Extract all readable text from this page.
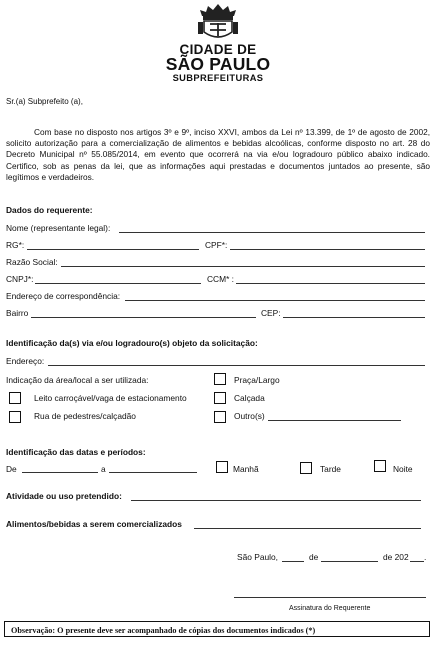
CIDADE DE
SÃO PAULO
SUBPREFEITURAS
Sr.(a) Subprefeito (a),
Com base no disposto nos artigos 3º e 9º, inciso XXVI, ambos da Lei nº 13.399, de 1º de agosto de 2002, solicito autorização para a comercialização de alimentos e bebidas alcoólicas, conforme disposto no art. 28 do Decreto Municipal nº 55.085/2014, em evento que ocorrerá na via e/ou logradouro público abaixo indicado. Certifico, sob as penas da lei, que as informações aqui prestadas e documentos juntados ao presente, são legítimos e verdadeiros.
Dados do requerente:
Nome (representante legal):
RG*:	CPF*:
Razão Social:
CNPJ*:	CCM* :
Endereço de correspondência:
Bairro	CEP:
Identificação da(s) via e/ou logradouro(s) objeto da solicitação:
Endereço:
Indicação da área/local a ser utilizada:	Praça/Largo
Leito carroçável/vaga de estacionamento	Calçada
Rua de pedestres/calçadão	Outro(s)
Identificação das datas e períodos:
De	a	Manhã	Tarde	Noite
Atividade ou uso pretendido:
Alimentos/bebidas a serem comercializados
São Paulo,	de	de 202 .
Assinatura do Requerente
Observação: O presente deve ser acompanhado de cópias dos documentos indicados (*)
